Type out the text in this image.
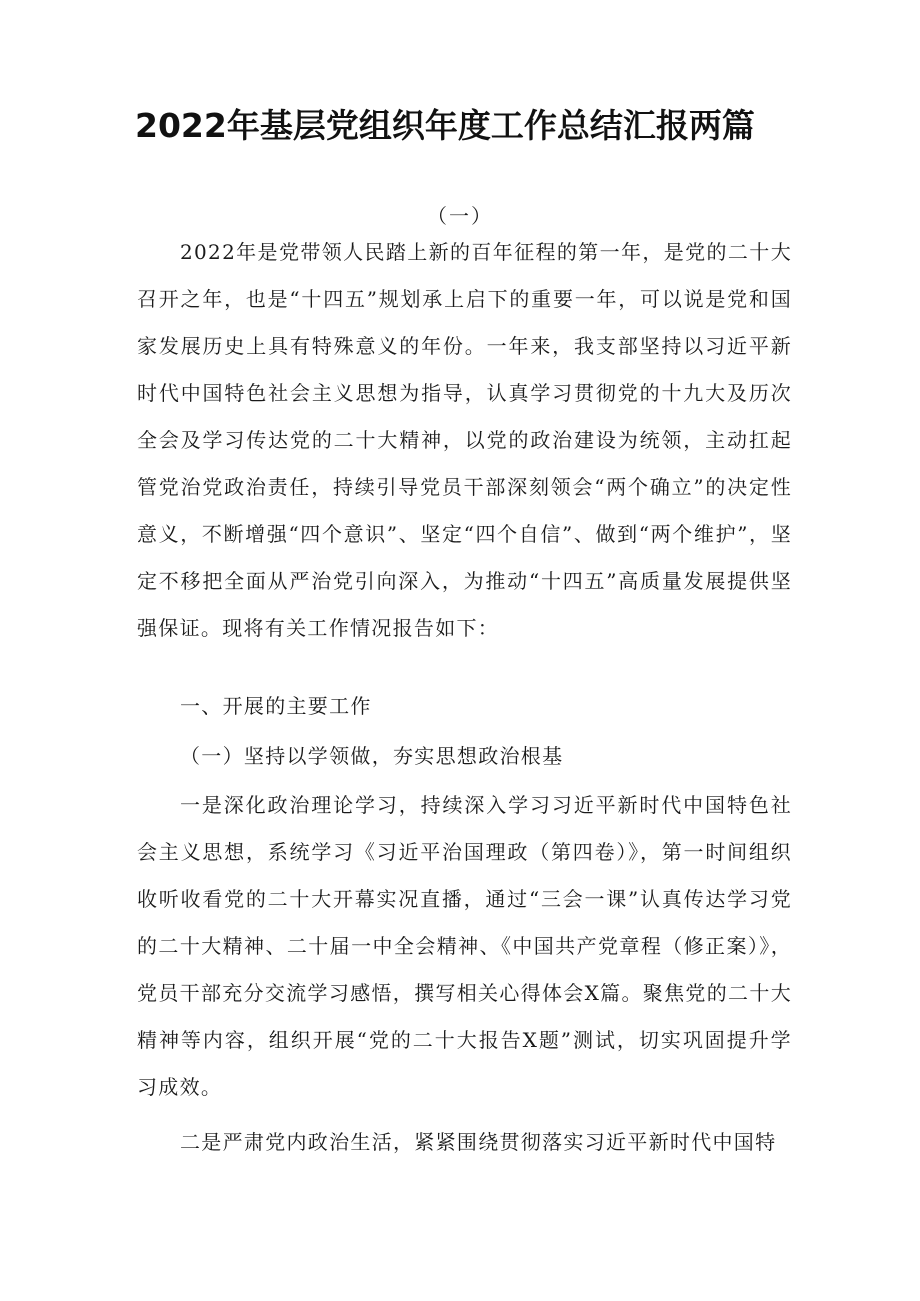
2022年基层党组织年度工作总结汇报两篇

（一）

2022年是党带领人民踏上新的百年征程的第一年，是党的二十大召开之年，也是“十四五”规划承上启下的重要一年，可以说是党和国家发展历史上具有特殊意义的年份。一年来，我支部坚持以习近平新时代中国特色社会主义思想为指导，认真学习贯彻党的十九大及历次全会及学习传达党的二十大精神，以党的政治建设为统领，主动扛起管党治党政治责任，持续引导党员干部深刻领会“两个确立”的决定性意义，不断增强“四个意识”、坚定“四个自信”、做到“两个维护”，坚定不移把全面从严治党引向深入，为推动“十四五”高质量发展提供坚强保证。现将有关工作情况报告如下：

一、开展的主要工作

（一）坚持以学领做，夯实思想政治根基

一是深化政治理论学习，持续深入学习习近平新时代中国特色社会主义思想，系统学习《习近平治国理政（第四卷）》，第一时间组织收听收看党的二十大开幕实况直播，通过“三会一课”认真传达学习党的二十大精神、二十届一中全会精神、《中国共产党章程（修正案）》，党员干部充分交流学习感悟，撰写相关心得体会X篇。聚焦党的二十大精神等内容，组织开展“党的二十大报告X题”测试，切实巩固提升学习成效。

二是严肃党内政治生活，紧紧围绕贯彻落实习近平新时代中国特
